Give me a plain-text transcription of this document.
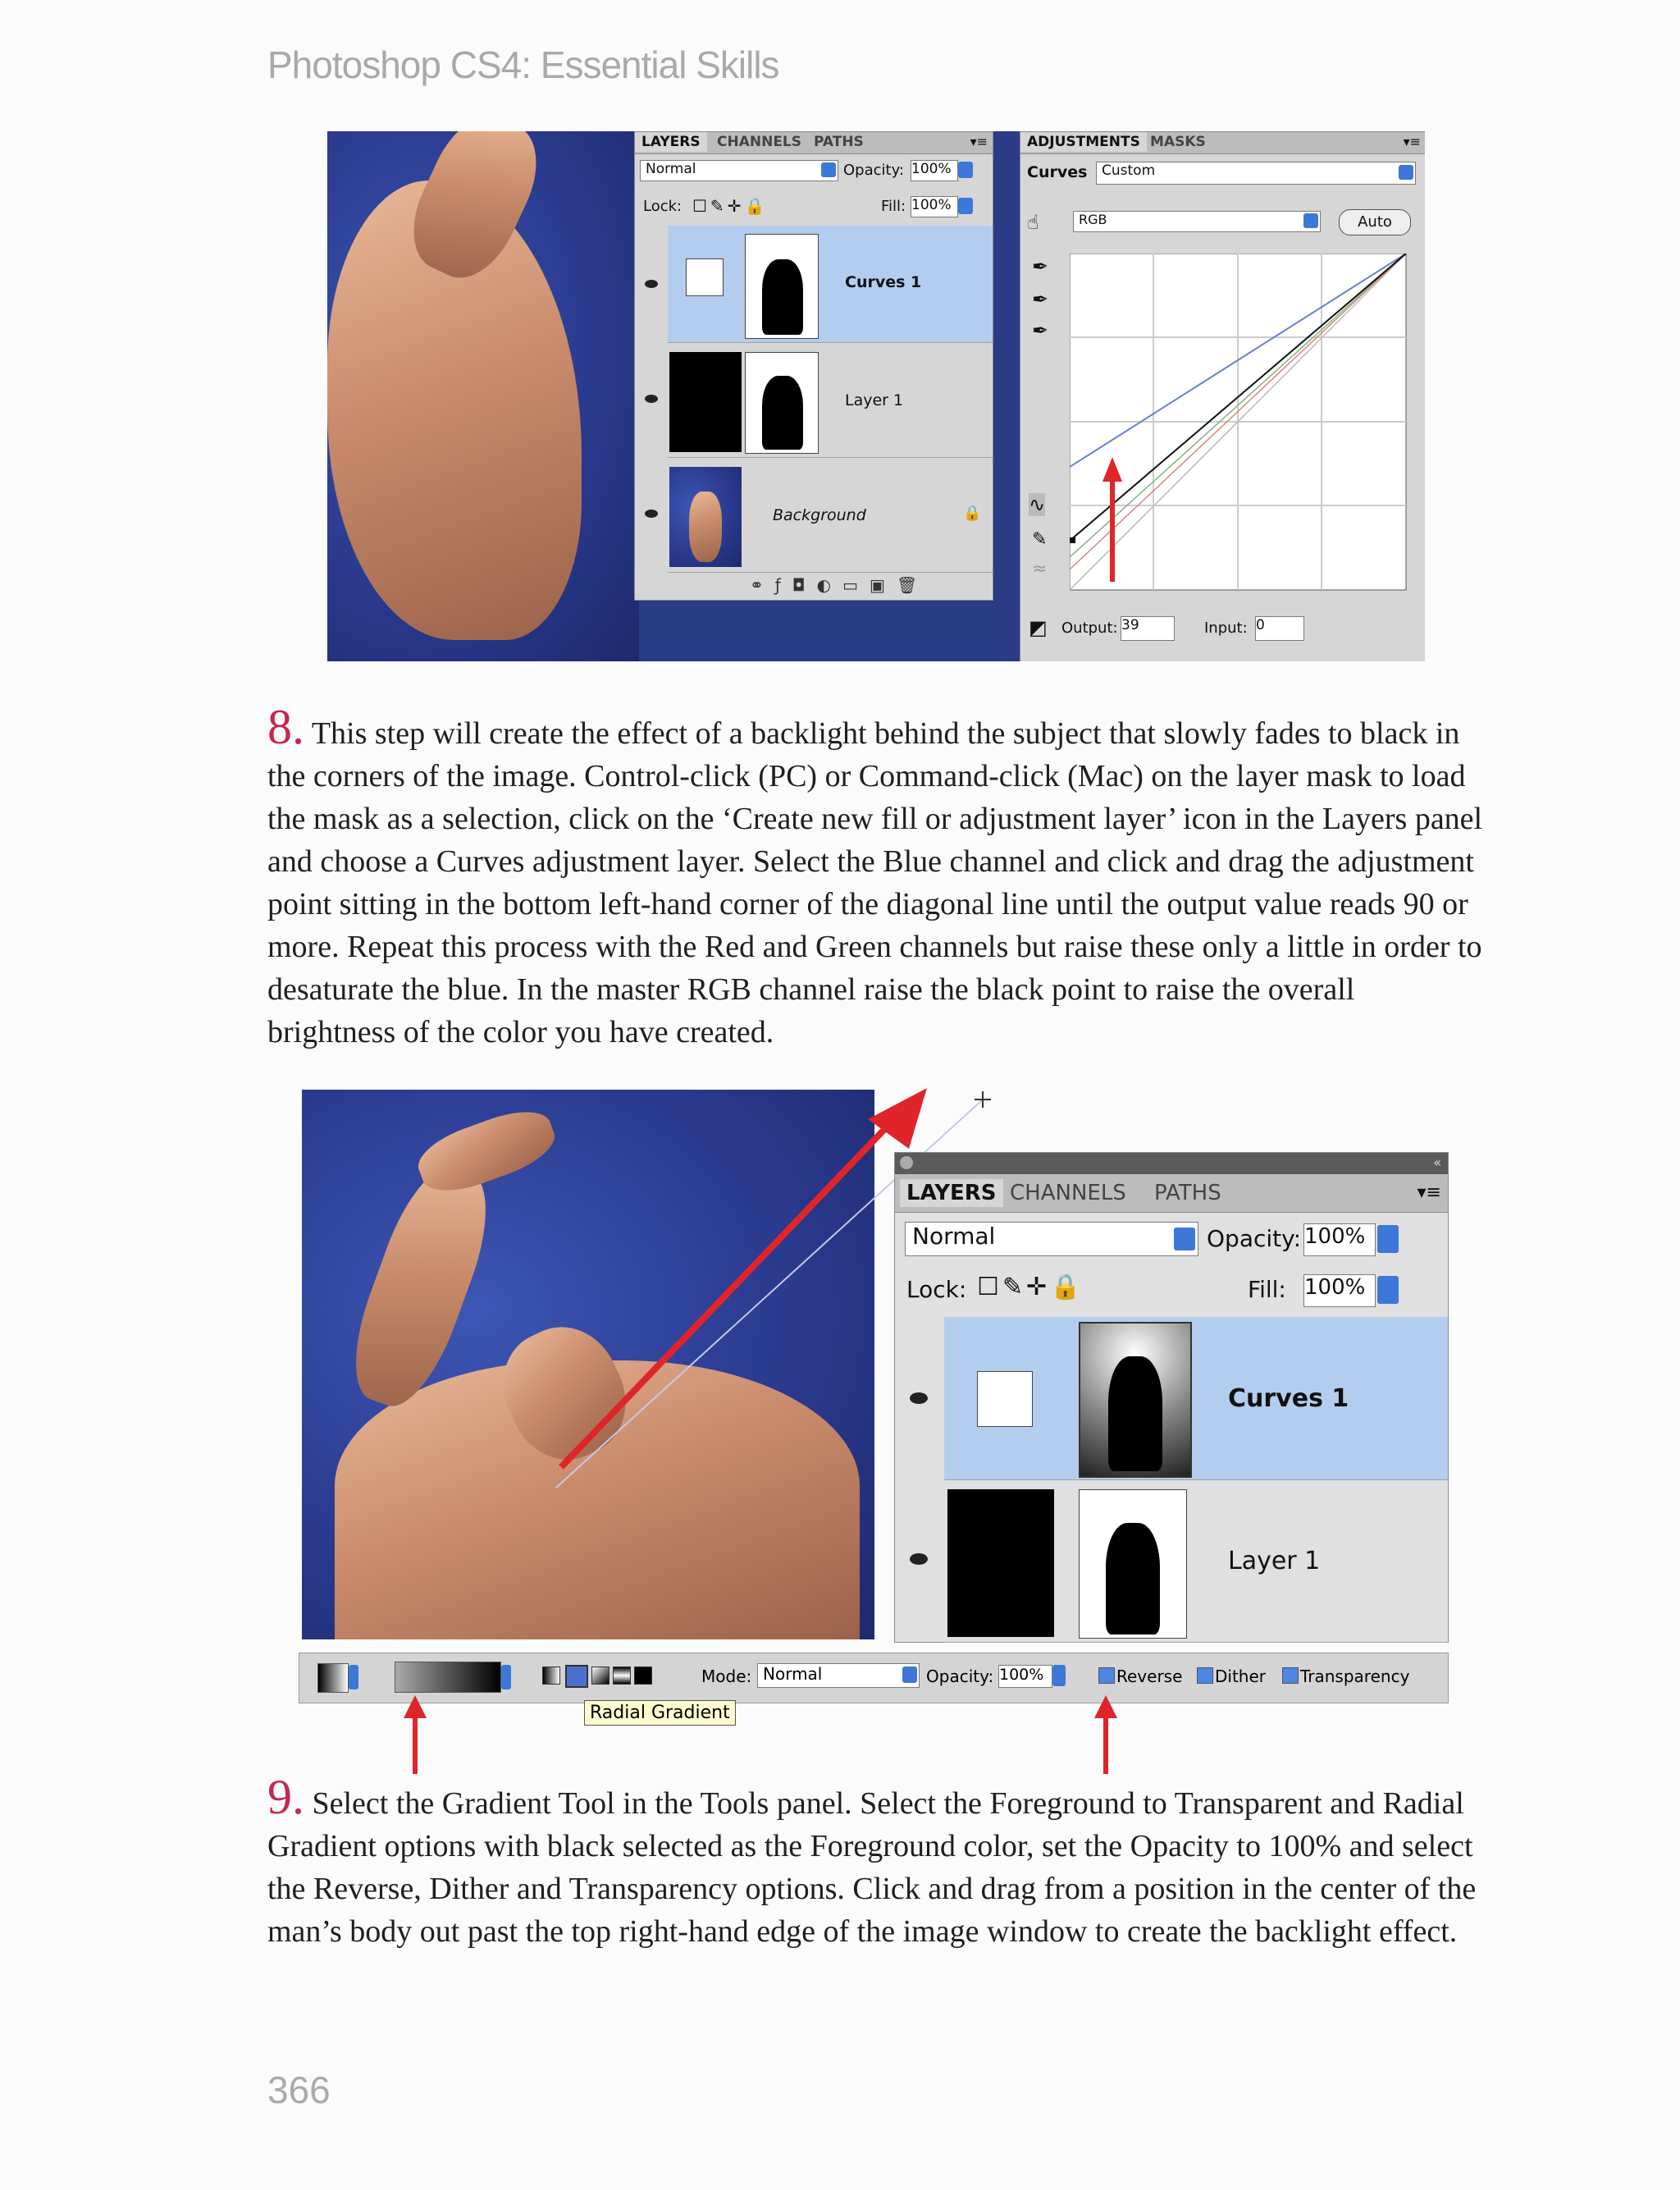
Photoshop CS4: Essential Skills
LAYERS	CHANNELS PATHS	▾≡
Normal	Opacity: 100%
Lock: ☐✎✛🔒	Fill: 100%
Curves 1
Layer 1
Background	🔒
⚭ƒ◘◐▭▣🗑
ADJUSTMENTS MASKS	▾≡
Curves	Custom
☝	RGB	Auto
✒
✒
✒
∿
✎
≈
◩ Output: 39	Input: 0
8. This step will create the effect of a backlight behind the subject that slowly fades to black in the corners of the image. Control-click (PC) or Command-click (Mac) on the layer mask to load the mask as a selection, click on the ‘Create new fill or adjustment layer’ icon in the Layers panel and choose a Curves adjustment layer. Select the Blue channel and click and drag the adjustment point sitting in the bottom left-hand corner of the diagonal line until the output value reads 90 or more. Repeat this process with the Red and Green channels but raise these only a little in order to desaturate the blue. In the master RGB channel raise the black point to raise the overall brightness of the color you have created.
«
LAYERS CHANNELS	PATHS	▾≡
Normal	Opacity: 100%
Lock: ☐✎✛🔒	Fill: 100%
Curves 1
Layer 1
Mode: Normal	Opacity: 100%	Reverse Dither Transparency
Radial Gradient
9. Select the Gradient Tool in the Tools panel. Select the Foreground to Transparent and Radial Gradient options with black selected as the Foreground color, set the Opacity to 100% and select the Reverse, Dither and Transparency options. Click and drag from a position in the center of the man’s body out past the top right-hand edge of the image window to create the backlight effect.
366
